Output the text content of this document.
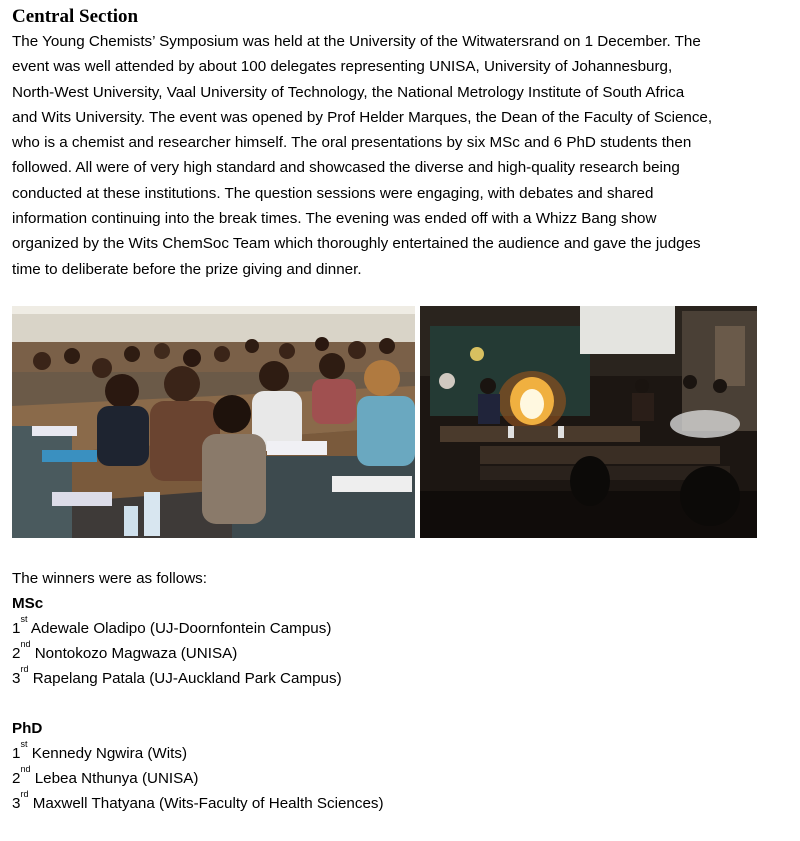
Central Section

The Young Chemists’ Symposium was held at the University of the Witwatersrand on 1 December. The
event was well attended by about 100 delegates representing UNISA, University of Johannesburg,
North-West University, Vaal University of Technology, the National Metrology Institute of South Africa
and Wits University. The event was opened by Prof Helder Marques, the Dean of the Faculty of Science,
who is a chemist and researcher himself. The oral presentations by six MSc and 6 PhD students then
followed. All were of very high standard and showcased the diverse and high-quality research being
conducted at these institutions. The question sessions were engaging, with debates and shared
information continuing into the break times. The evening was ended off with a Whizz Bang show
organized by the Wits ChemSoc Team which thoroughly entertained the audience and gave the judges
time to deliberate before the prize giving and dinner.

The winners were as follows:
MSc
1st Adewale Oladipo (UJ-Doornfontein Campus)
2nd Nontokozo Magwaza (UNISA)
3rd Rapelang Patala (UJ-Auckland Park Campus)
PhD
1st Kennedy Ngwira (Wits)
2nd Lebea Nthunya (UNISA)
3rd Maxwell Thatyana (Wits-Faculty of Health Sciences)
